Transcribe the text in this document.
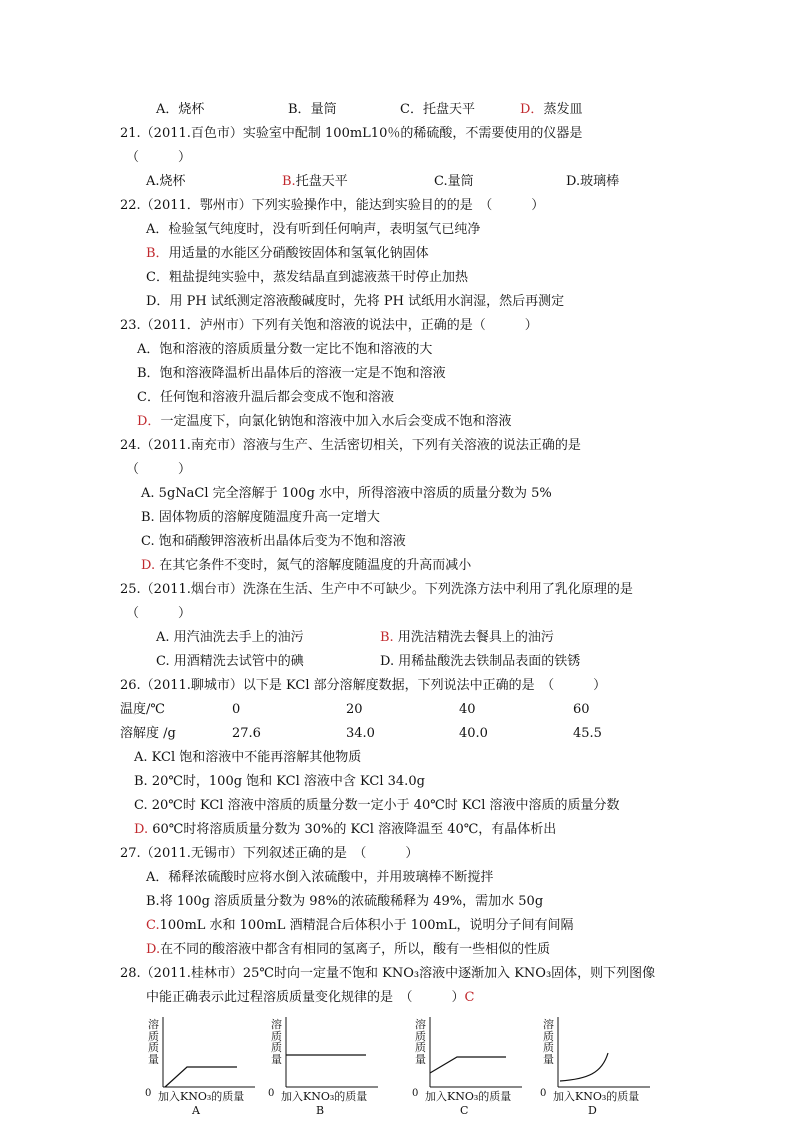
A．烧杯	B．量筒	C．托盘天平	D．蒸发皿
21.（2011.百色市）实验室中配制 100mL10％的稀硫酸，不需要使用的仪器是
（　　　）
A.烧杯	B.托盘天平	C.量筒	D.玻璃棒
22.（2011．鄂州市）下列实验操作中，能达到实验目的的是　（　　　）
A．检验氢气纯度时，没有听到任何响声，表明氢气已纯净
B．用适量的水能区分硝酸铵固体和氢氧化钠固体
C．粗盐提纯实验中，蒸发结晶直到滤液蒸干时停止加热
D．用 PH 试纸测定溶液酸碱度时，先将 PH 试纸用水润湿，然后再测定
23.（2011．泸州市）下列有关饱和溶液的说法中，正确的是（　　　）
A．饱和溶液的溶质质量分数一定比不饱和溶液的大
B．饱和溶液降温析出晶体后的溶液一定是不饱和溶液
C．任何饱和溶液升温后都会变成不饱和溶液
D．一定温度下，向氯化钠饱和溶液中加入水后会变成不饱和溶液
24.（2011.南充市）溶液与生产、生活密切相关，下列有关溶液的说法正确的是
（　　　）
A. 5gNaCl 完全溶解于 100g 水中，所得溶液中溶质的质量分数为 5%
B. 固体物质的溶解度随温度升高一定增大
C. 饱和硝酸钾溶液析出晶体后变为不饱和溶液
D. 在其它条件不变时，氮气的溶解度随温度的升高而减小
25.（2011.烟台市）洗涤在生活、生产中不可缺少。下列洗涤方法中利用了乳化原理的是
（　　　）
A. 用汽油洗去手上的油污	B. 用洗洁精洗去餐具上的油污
C. 用酒精洗去试管中的碘	D. 用稀盐酸洗去铁制品表面的铁锈
26.（2011.聊城市）以下是 KCl 部分溶解度数据，下列说法中正确的是　（　　　）
温度/℃	0	20	40	60
溶解度 /g	27.6	34.0	40.0	45.5
A. KCl 饱和溶液中不能再溶解其他物质
B. 20℃时，100g 饱和 KCl 溶液中含 KCl 34.0g
C. 20℃时 KCl 溶液中溶质的质量分数一定小于 40℃时 KCl 溶液中溶质的质量分数
D. 60℃时将溶质质量分数为 30%的 KCl 溶液降温至 40℃，有晶体析出
27.（2011.无锡市）下列叙述正确的是　（　　　）
A．稀释浓硫酸时应将水倒入浓硫酸中，并用玻璃棒不断搅拌
B.将 100g 溶质质量分数为 98%的浓硫酸稀释为 49%，需加水 50g
C.100mL 水和 100mL 酒精混合后体积小于 100mL，说明分子间有间隔
D.在不同的酸溶液中都含有相同的氢离子，所以，酸有一些相似的性质
28.（2011.桂林市）25℃时向一定量不饱和 KNO₃溶液中逐渐加入 KNO₃固体，则下列图像
中能正确表示此过程溶质质量变化规律的是　（　　　）C
溶质质量
0 加入KNO₃的质量
A
溶质质量
0 加入KNO₃的质量
B
溶质质量
0 加入KNO₃的质量
C
溶质质量
0 加入KNO₃的质量
D
